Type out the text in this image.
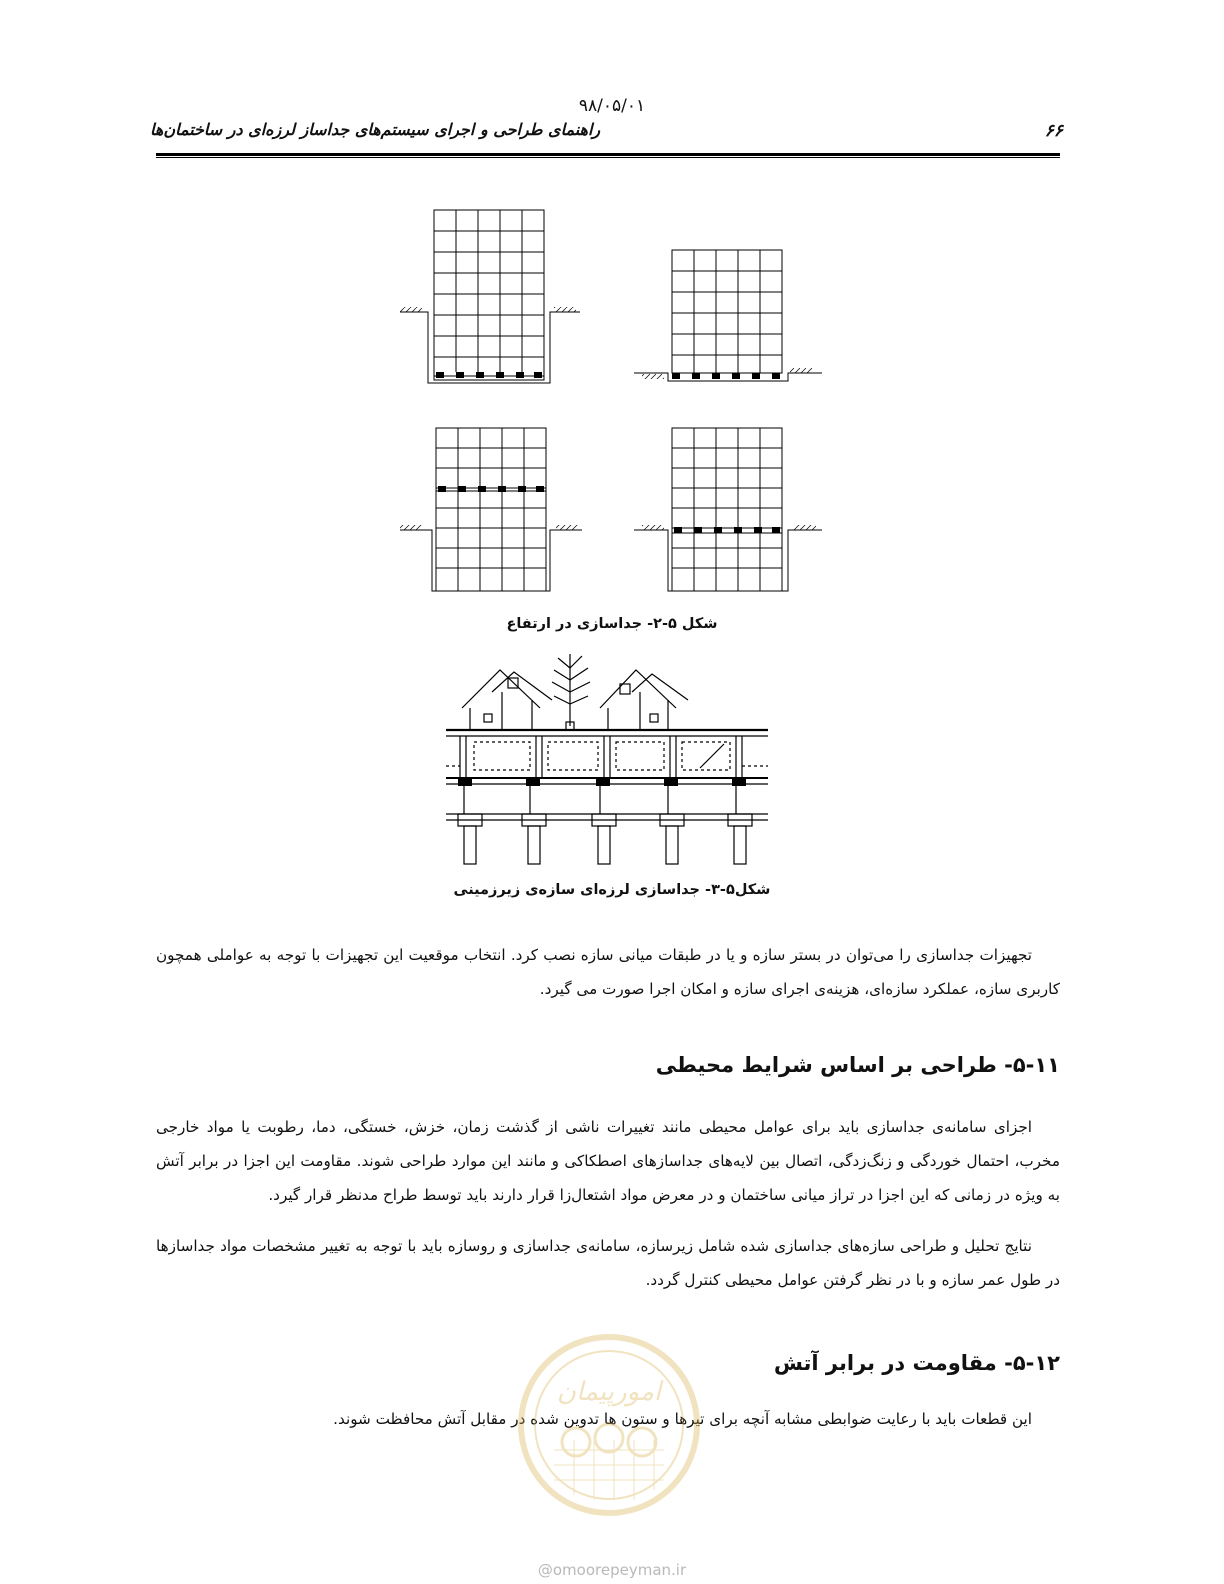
۹۸/۰۵/۰۱
۶۶
راهنمای طراحی و اجرای سیستم‌های جداساز لرزه‌ای در ساختمان‌ها
شکل ۵-۲- جداسازی در ارتفاع
شکل۵-۳- جداسازی لرزه‌ای سازه‌ی زیرزمینی

تجهیزات جداسازی را می‌توان در بستر سازه و یا در طبقات میانی سازه نصب کرد. انتخاب موقعیت این تجهیزات با توجه به عواملی همچون کاربری سازه، عملکرد سازه‌ای، هزینه‌ی اجرای سازه و امکان اجرا صورت می گیرد.

۵-۱۱- طراحی بر اساس شرایط محیطی

اجزای سامانه‌ی جداسازی باید برای عوامل محیطی مانند تغییرات ناشی از گذشت زمان، خزش، خستگی، دما، رطوبت یا مواد خارجی مخرب، احتمال خوردگی و زنگ‌زدگی، اتصال بین لایه‌های جداسازهای اصطکاکی و مانند این موارد طراحی شوند. مقاومت این اجزا در برابر آتش به ویژه در زمانی که این اجزا در تراز میانی ساختمان و در معرض مواد اشتعال‌زا قرار دارند باید توسط طراح مدنظر قرار گیرد.

نتایج تحلیل و طراحی سازه‌های جداسازی شده شامل زیرسازه، سامانه‌ی جداسازی و روسازه باید با توجه به تغییر مشخصات مواد جداسازها در طول عمر سازه و با در نظر گرفتن عوامل محیطی کنترل گردد.

۵-۱۲- مقاومت در برابر آتش

این قطعات باید با رعایت ضوابطی مشابه آنچه برای تیرها و ستون ها تدوین شده در مقابل آتش محافظت شوند.

امورپیمان
@omoorepeyman.ir
